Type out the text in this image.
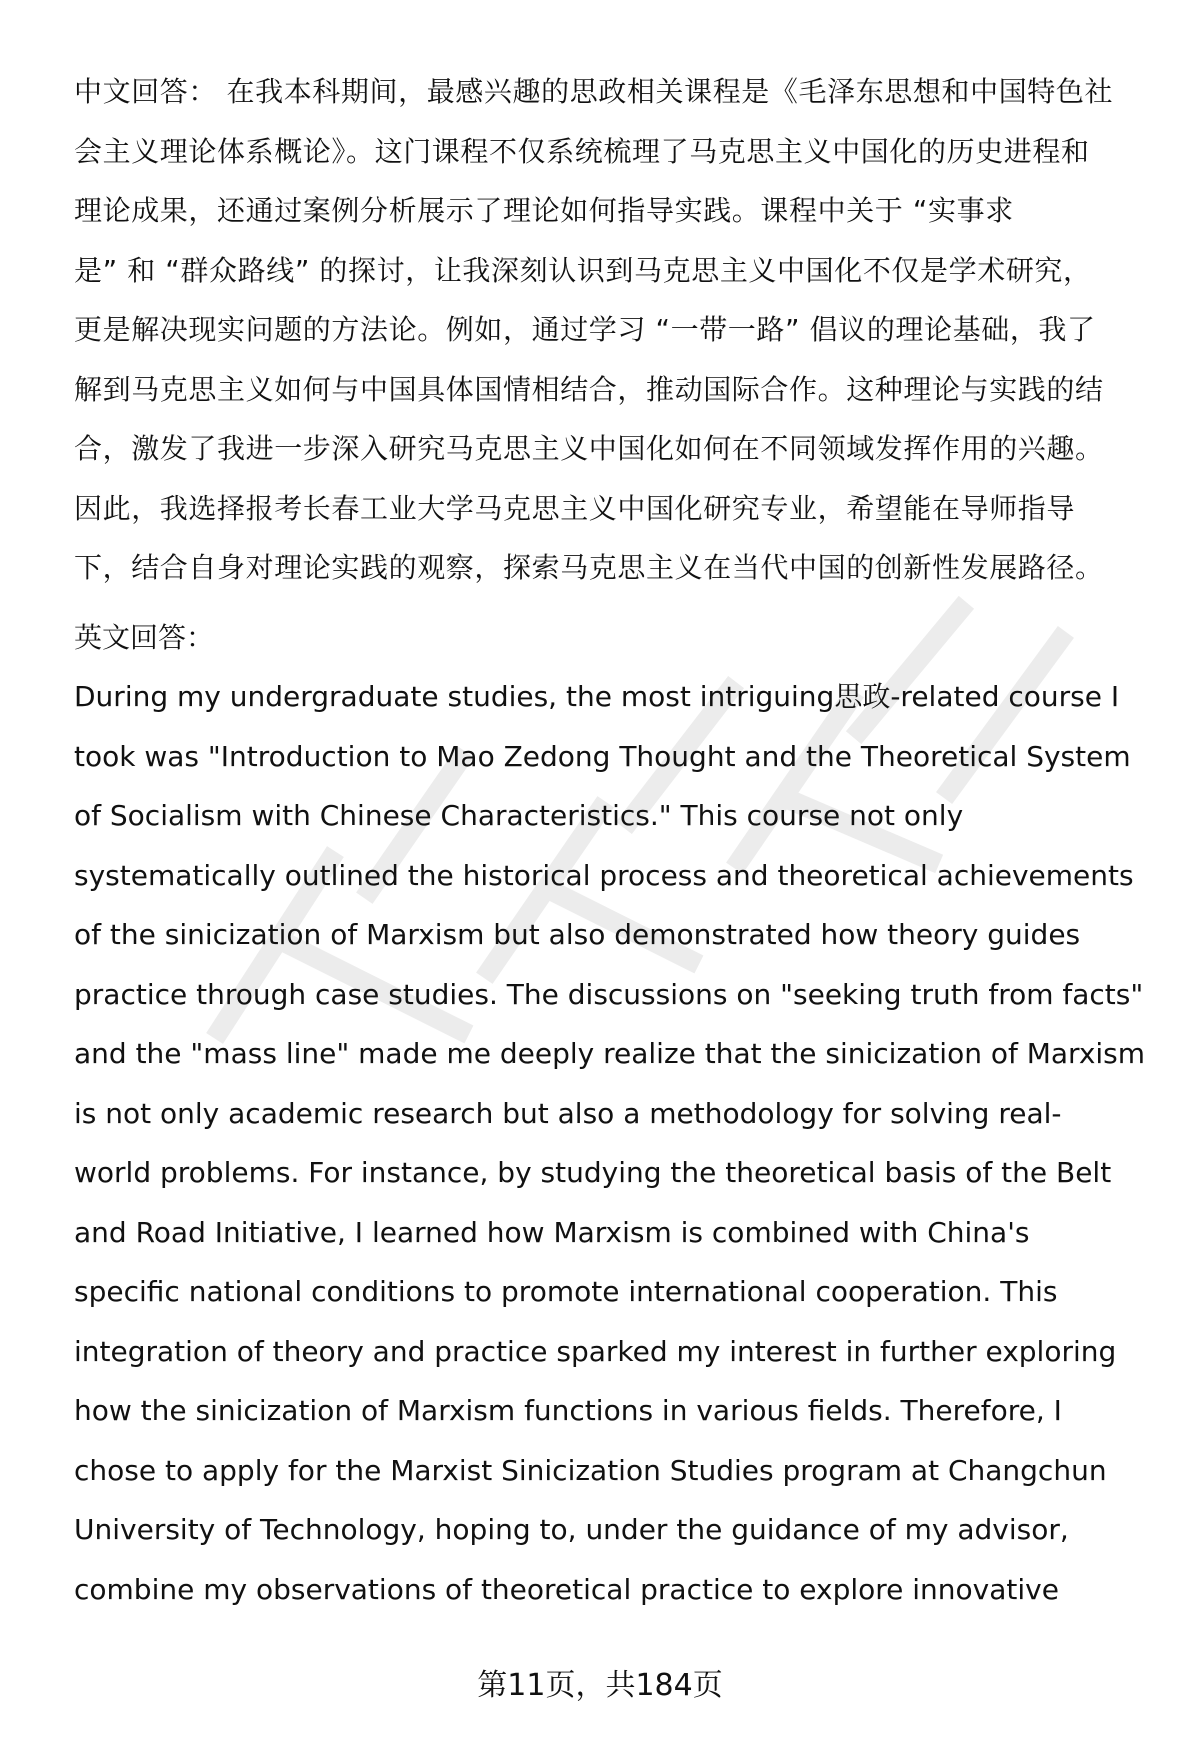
中文回答： 在我本科期间，最感兴趣的思政相关课程是《毛泽东思想和中国特色社
会主义理论体系概论》。这门课程不仅系统梳理了马克思主义中国化的历史进程和
理论成果，还通过案例分析展示了理论如何指导实践。课程中关于 “实事求
是” 和 “群众路线” 的探讨，让我深刻认识到马克思主义中国化不仅是学术研究，
更是解决现实问题的方法论。例如，通过学习 “一带一路” 倡议的理论基础，我了
解到马克思主义如何与中国具体国情相结合，推动国际合作。这种理论与实践的结
合，激发了我进一步深入研究马克思主义中国化如何在不同领域发挥作用的兴趣。
因此，我选择报考长春工业大学马克思主义中国化研究专业，希望能在导师指导
下，结合自身对理论实践的观察，探索马克思主义在当代中国的创新性发展路径。
英文回答：
During my undergraduate studies, the most intriguing思政-related course I
took was "Introduction to Mao Zedong Thought and the Theoretical System
of Socialism with Chinese Characteristics." This course not only
systematically outlined the historical process and theoretical achievements
of the sinicization of Marxism but also demonstrated how theory guides
practice through case studies. The discussions on "seeking truth from facts"
and the "mass line" made me deeply realize that the sinicization of Marxism
is not only academic research but also a methodology for solving real-
world problems. For instance, by studying the theoretical basis of the Belt
and Road Initiative, I learned how Marxism is combined with China's
specific national conditions to promote international cooperation. This
integration of theory and practice sparked my interest in further exploring
how the sinicization of Marxism functions in various fields. Therefore, I
chose to apply for the Marxist Sinicization Studies program at Changchun
University of Technology, hoping to, under the guidance of my advisor,
combine my observations of theoretical practice to explore innovative
第11页，共184页
